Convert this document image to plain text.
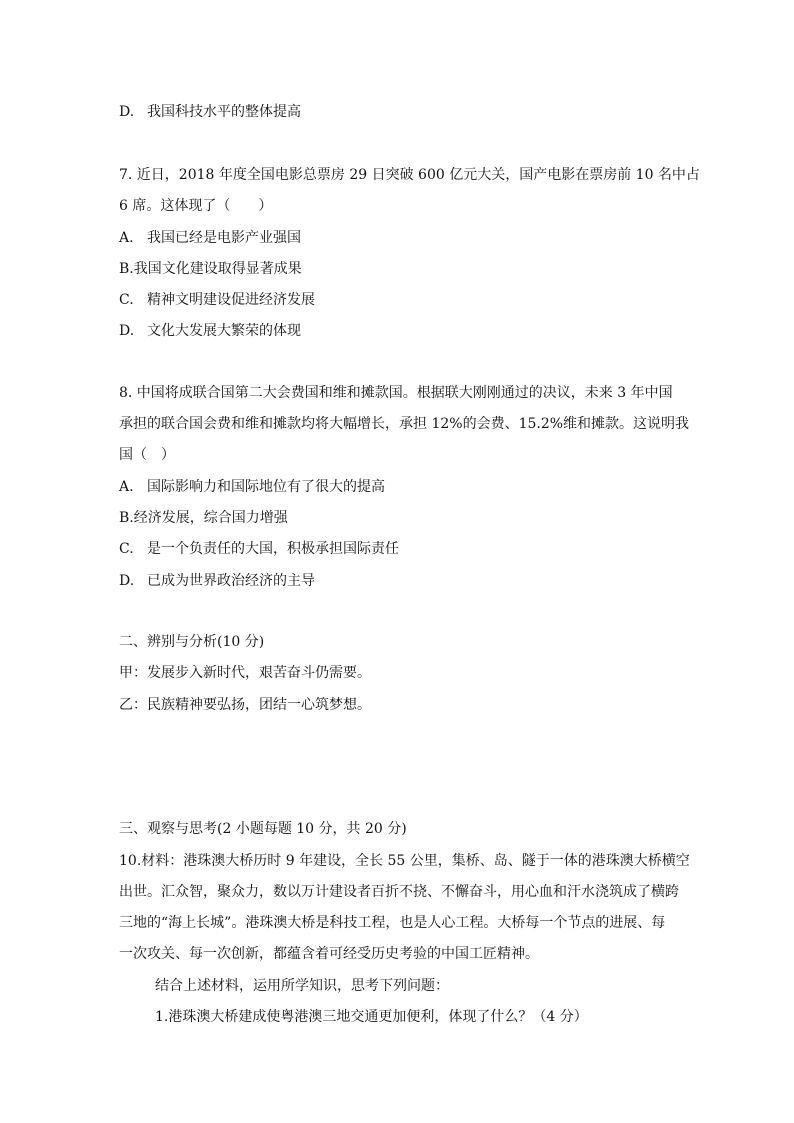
D. 我国科技水平的整体提高
7. 近日，2018 年度全国电影总票房 29 日突破 600 亿元大关，国产电影在票房前 10 名中占
6 席。这体现了（　　）
A. 我国已经是电影产业强国
B.我国文化建设取得显著成果
C. 精神文明建设促进经济发展
D. 文化大发展大繁荣的体现
8. 中国将成联合国第二大会费国和维和摊款国。根据联大刚刚通过的决议，未来 3 年中国
承担的联合国会费和维和摊款均将大幅增长，承担 12%的会费、15.2%维和摊款。这说明我
国（　）
A. 国际影响力和国际地位有了很大的提高
B.经济发展，综合国力增强
C. 是一个负责任的大国，积极承担国际责任
D. 已成为世界政治经济的主导
二、辨别与分析(10 分)
甲：发展步入新时代，艰苦奋斗仍需要。
乙：民族精神要弘扬，团结一心筑梦想。
三、观察与思考(2 小题每题 10 分，共 20 分)
10.材料：港珠澳大桥历时 9 年建设，全长 55 公里，集桥、岛、隧于一体的港珠澳大桥横空
出世。汇众智，聚众力，数以万计建设者百折不挠、不懈奋斗，用心血和汗水浇筑成了横跨
三地的“海上长城”。港珠澳大桥是科技工程，也是人心工程。大桥每一个节点的进展、每
一次攻关、每一次创新，都蕴含着可经受历史考验的中国工匠精神。
结合上述材料，运用所学知识，思考下列问题：
1.港珠澳大桥建成使粤港澳三地交通更加便利，体现了什么？（4 分）
